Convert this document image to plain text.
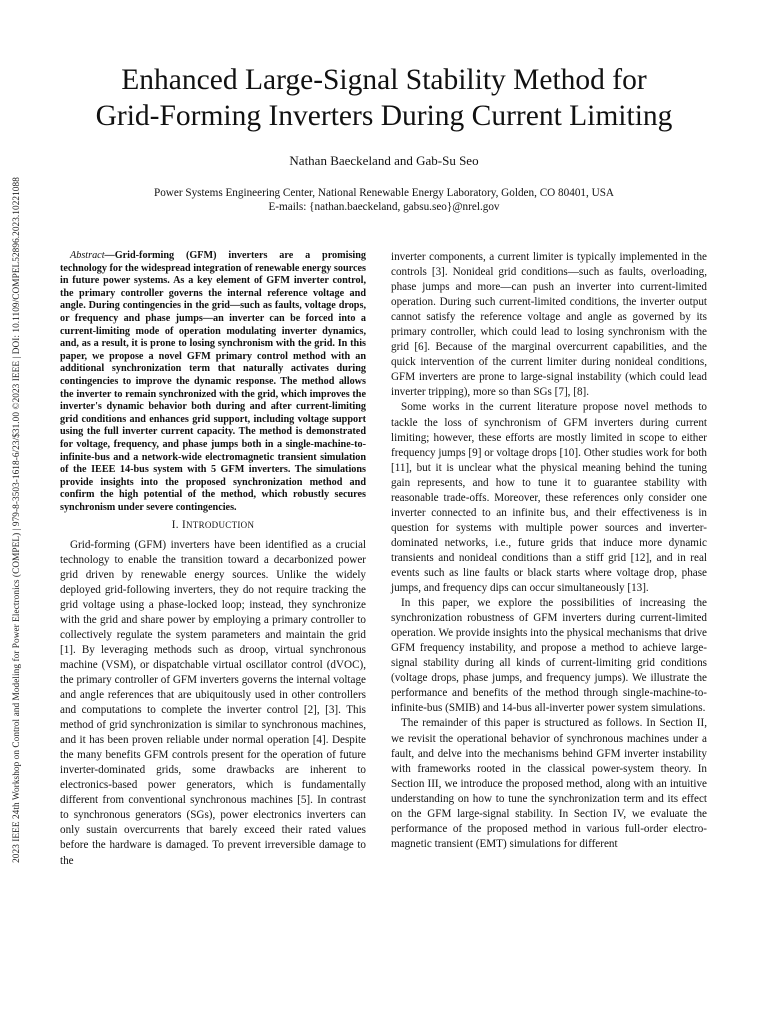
2023 IEEE 24th Workshop on Control and Modeling for Power Electronics (COMPEL) | 979-8-3503-1618-6/23/$31.00 ©2023 IEEE | DOI: 10.1109/COMPEL52896.2023.10221088
Enhanced Large-Signal Stability Method for
Grid-Forming Inverters During Current Limiting

Nathan Baeckeland and Gab-Su Seo

Power Systems Engineering Center, National Renewable Energy Laboratory, Golden, CO 80401, USA
E-mails: {nathan.baeckeland, gabsu.seo}@nrel.gov

Abstract—Grid-forming (GFM) inverters are a promising technology for the widespread integration of renewable energy sources in future power systems. As a key element of GFM inverter control, the primary controller governs the internal reference voltage and angle. During contingencies in the grid—such as faults, voltage drops, or frequency and phase jumps—an inverter can be forced into a current-limiting mode of operation modulating inverter dynamics, and, as a result, it is prone to losing synchronism with the grid. In this paper, we propose a novel GFM primary control method with an additional synchronization term that naturally activates during contingencies to improve the dynamic response. The method allows the inverter to remain synchronized with the grid, which improves the inverter's dynamic behavior both during and after current-limiting grid conditions and enhances grid support, including voltage support using the full inverter current capacity. The method is demonstrated for voltage, frequency, and phase jumps both in a single-machine-to-infinite-bus and a network-wide electromagnetic transient simulation of the IEEE 14-bus system with 5 GFM inverters. The simulations provide insights into the proposed synchronization method and confirm the high potential of the method, which robustly secures synchronism under severe contingencies.

I. INTRODUCTION

Grid-forming (GFM) inverters have been identified as a crucial technology to enable the transition toward a decarbonized power grid driven by renewable energy sources. Unlike the widely deployed grid-following inverters, they do not require tracking the grid voltage using a phase-locked loop; instead, they synchronize with the grid and share power by employing a primary controller to collectively regulate the system parameters and maintain the grid [1]. By leveraging methods such as droop, virtual synchronous machine (VSM), or dispatchable virtual oscillator control (dVOC), the primary controller of GFM inverters governs the internal voltage and angle references that are ubiquitously used in other controllers and computations to complete the inverter control [2], [3]. This method of grid synchronization is similar to synchronous machines, and it has been proven reliable under normal operation [4]. Despite the many benefits GFM controls present for the operation of future inverter-dominated grids, some drawbacks are inherent to electronics-based power generators, which is fundamentally different from conventional synchronous machines [5]. In contrast to synchronous generators (SGs), power electronics inverters can only sustain overcurrents that barely exceed their rated values before the hardware is damaged. To prevent irreversible damage to the

inverter components, a current limiter is typically implemented in the controls [3]. Nonideal grid conditions—such as faults, overloading, phase jumps and more—can push an inverter into current-limited operation. During such current-limited conditions, the inverter output cannot satisfy the reference voltage and angle as governed by its primary controller, which could lead to losing synchronism with the grid [6]. Because of the marginal overcurrent capabilities, and the quick intervention of the current limiter during nonideal conditions, GFM inverters are prone to large-signal instability (which could lead inverter tripping), more so than SGs [7], [8].

Some works in the current literature propose novel methods to tackle the loss of synchronism of GFM inverters during current limiting; however, these efforts are mostly limited in scope to either frequency jumps [9] or voltage drops [10]. Other studies work for both [11], but it is unclear what the physical meaning behind the tuning gain represents, and how to tune it to guarantee stability with reasonable trade-offs. Moreover, these references only consider one inverter connected to an infinite bus, and their effectiveness is in question for systems with multiple power sources and inverter-dominated networks, i.e., future grids that induce more dynamic transients and nonideal conditions than a stiff grid [12], and in real events such as line faults or black starts where voltage drop, phase jumps, and frequency dips can occur simultaneously [13].

In this paper, we explore the possibilities of increasing the synchronization robustness of GFM inverters during current-limited operation. We provide insights into the physical mechanisms that drive GFM frequency instability, and propose a method to achieve large-signal stability during all kinds of current-limiting grid conditions (voltage drops, phase jumps, and frequency jumps). We illustrate the performance and benefits of the method through single-machine-to-infinite-bus (SMIB) and 14-bus all-inverter power system simulations.

The remainder of this paper is structured as follows. In Section II, we revisit the operational behavior of synchronous machines under a fault, and delve into the mechanisms behind GFM inverter instability with frameworks rooted in the classical power-system theory. In Section III, we introduce the proposed method, along with an intuitive understanding on how to tune the synchronization term and its effect on the GFM large-signal stability. In Section IV, we evaluate the performance of the proposed method in various full-order electro-magnetic transient (EMT) simulations for different
